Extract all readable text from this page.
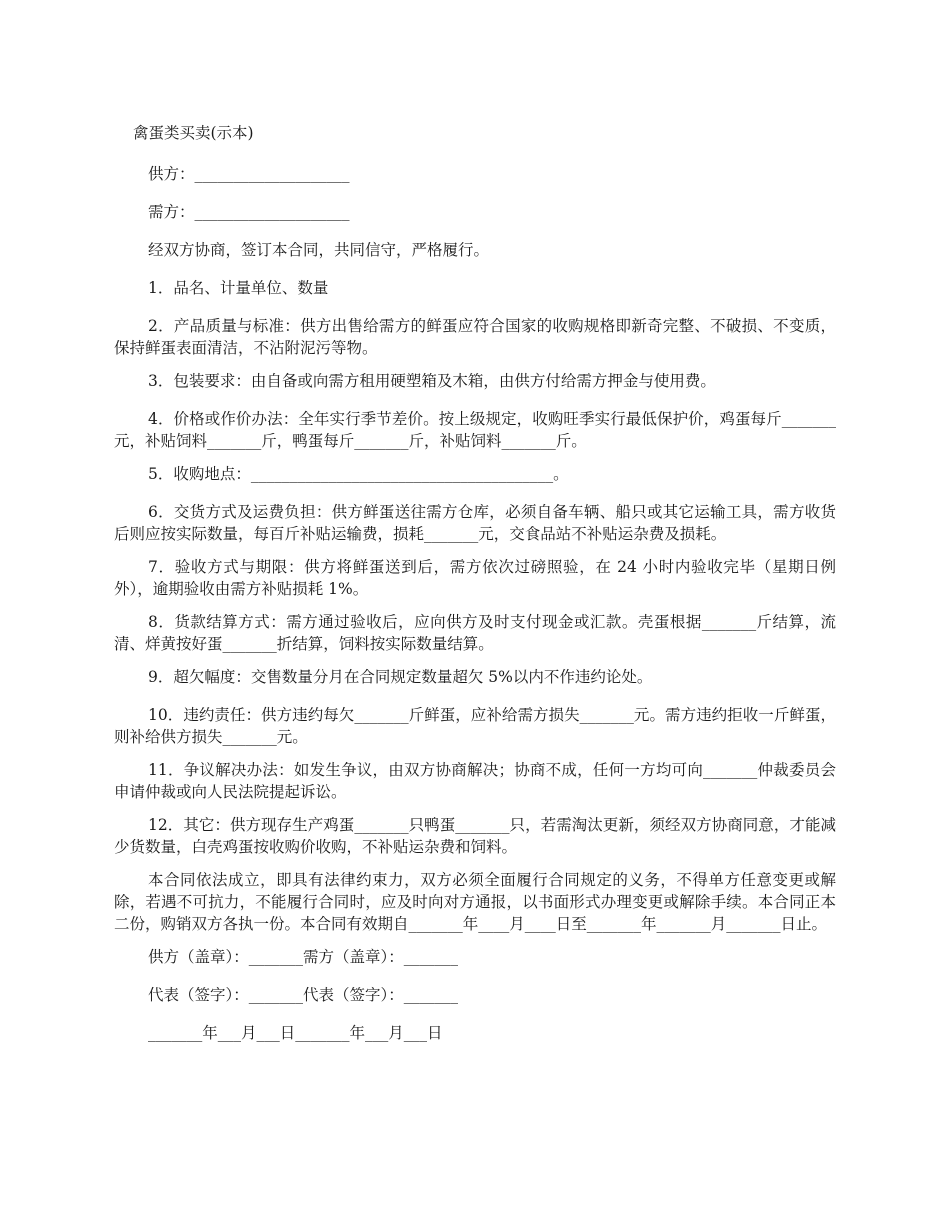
禽蛋类买卖(示本)
供方：____________________
需方：____________________
经双方协商，签订本合同，共同信守，严格履行。
1．品名、计量单位、数量
2．产品质量与标准：供方出售给需方的鲜蛋应符合国家的收购规格即新奇完整、不破损、不变质，保持鲜蛋表面清洁，不沾附泥污等物。
3．包装要求：由自备或向需方租用硬塑箱及木箱，由供方付给需方押金与使用费。
4．价格或作价办法：全年实行季节差价。按上级规定，收购旺季实行最低保护价，鸡蛋每斤_______元，补贴饲料_______斤，鸭蛋每斤_______斤，补贴饲料_______斤。
5．收购地点：_______________________________________。
6．交货方式及运费负担：供方鲜蛋送往需方仓库，必须自备车辆、船只或其它运输工具，需方收货后则应按实际数量，每百斤补贴运输费，损耗_______元，交食品站不补贴运杂费及损耗。
7．验收方式与期限：供方将鲜蛋送到后，需方依次过磅照验，在 24 小时内验收完毕（星期日例外），逾期验收由需方补贴损耗 1%。
8．货款结算方式：需方通过验收后，应向供方及时支付现金或汇款。壳蛋根据_______斤结算，流清、烊黄按好蛋_______折结算，饲料按实际数量结算。
9．超欠幅度：交售数量分月在合同规定数量超欠 5%以内不作违约论处。
10．违约责任：供方违约每欠_______斤鲜蛋，应补给需方损失_______元。需方违约拒收一斤鲜蛋，则补给供方损失_______元。
11．争议解决办法：如发生争议，由双方协商解决；协商不成，任何一方均可向_______仲裁委员会申请仲裁或向人民法院提起诉讼。
12．其它：供方现存生产鸡蛋_______只鸭蛋_______只，若需淘汰更新，须经双方协商同意，才能减少货数量，白壳鸡蛋按收购价收购，不补贴运杂费和饲料。
本合同依法成立，即具有法律约束力，双方必须全面履行合同规定的义务，不得单方任意变更或解除，若遇不可抗力，不能履行合同时，应及时向对方通报，以书面形式办理变更或解除手续。本合同正本二份，购销双方各执一份。本合同有效期自_______年____月____日至_______年_______月_______日止。
供方（盖章）：_______需方（盖章）：_______
代表（签字）：_______代表（签字）：_______
_______年___月___日_______年___月___日
